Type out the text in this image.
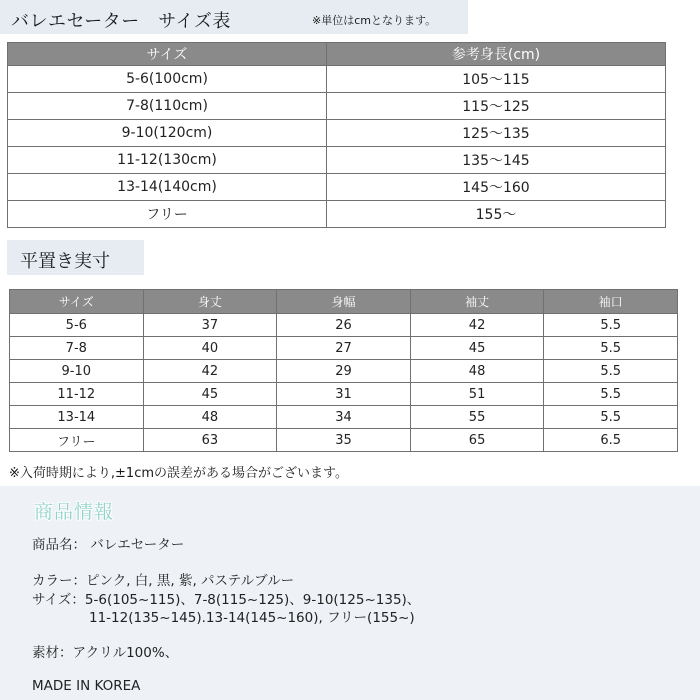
バレエセーター　サイズ表	※単位はcmとなります。
サイズ	参考身長(cm)
5-6(100cm)	105〜115
7-8(110cm)	115〜125
9-10(120cm)	125〜135
11-12(130cm)	135〜145
13-14(140cm)	145〜160
フリー	155〜
平置き実寸
サイズ	身丈	身幅	袖丈	袖口
5-6	37	26	42	5.5
7-8	40	27	45	5.5
9-10	42	29	48	5.5
11-12	45	31	51	5.5
13-14	48	34	55	5.5
フリー	63	35	65	6.5
※入荷時期により,±1cmの誤差がある場合がございます。
商品情報
商品名： バレエセーター
カラー：ピンク, 白, 黒, 紫, パステルブルー
サイズ：5-6(105~115)、7-8(115~125)、9-10(125~135)、
11-12(135~145).13-14(145~160), フリー(155~)
素材：アクリル100%、
MADE IN KOREA
